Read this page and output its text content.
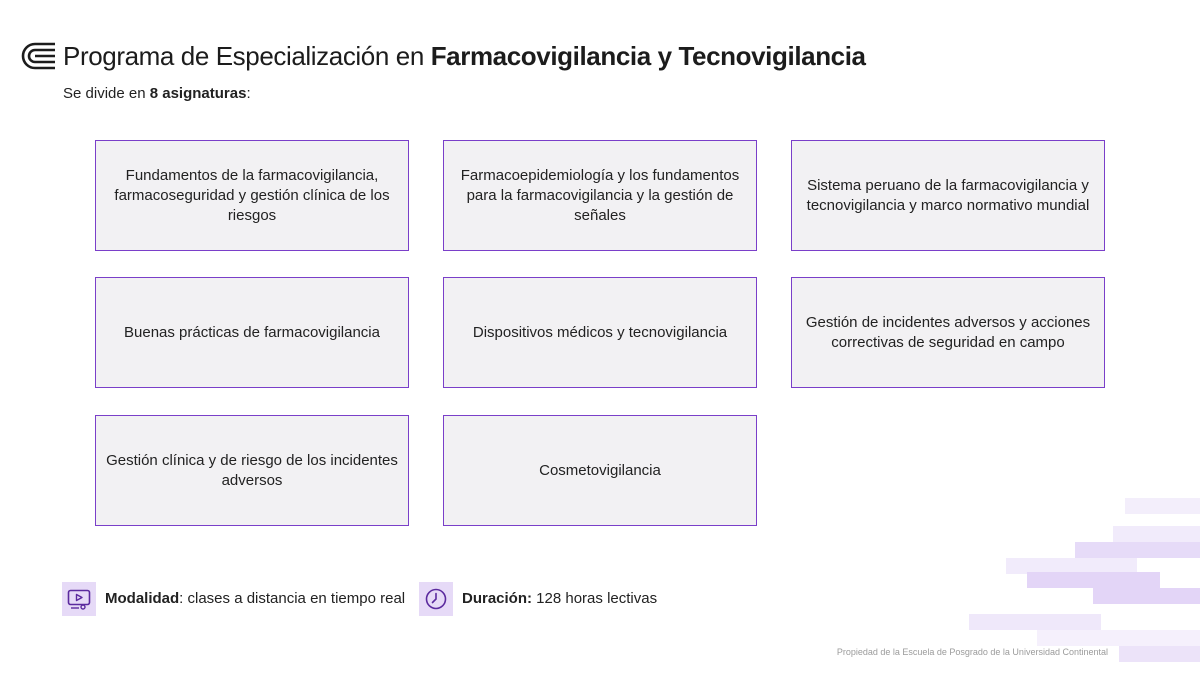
Programa de Especialización en Farmacovigilancia y Tecnovigilancia
Se divide en 8 asignaturas:
Fundamentos de la farmacovigilancia, farmacoseguridad y gestión clínica de los riesgos
Farmacoepidemiología y los fundamentos para la farmacovigilancia y la gestión de señales
Sistema peruano de la farmacovigilancia y tecnovigilancia y marco normativo mundial
Buenas prácticas de farmacovigilancia	Dispositivos médicos y tecnovigilancia
Gestión de incidentes adversos y acciones correctivas de seguridad en campo
Gestión clínica y de riesgo de los incidentes adversos
Cosmetovigilancia
Modalidad: clases a distancia en tiempo real	Duración: 128 horas lectivas
Propiedad de la Escuela de Posgrado de la Universidad Continental
